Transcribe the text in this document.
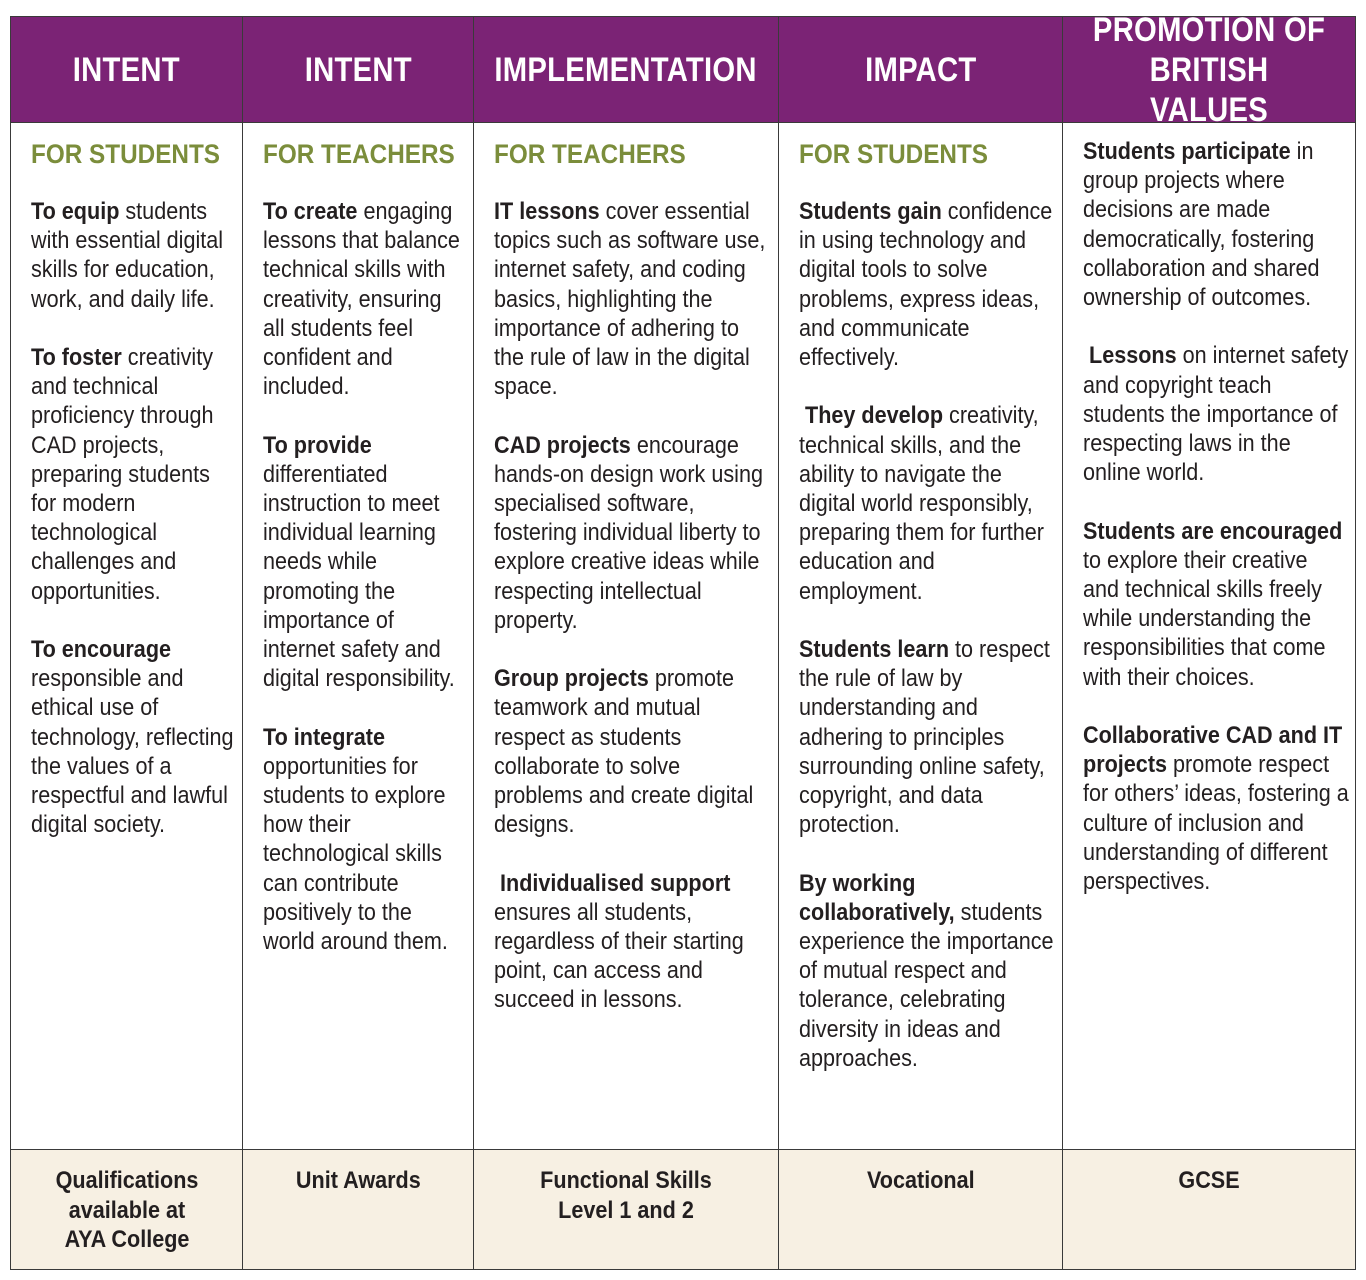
INTENT
FOR STUDENTS
To equip students with essential digital skills for education, work, and daily life.
To foster creativity and technical proficiency through CAD projects, preparing students for modern technological challenges and opportunities.
To encourage responsible and ethical use of technology, reflecting the values of a respectful and lawful digital society.
Qualifications available at AYA College
INTENT
FOR TEACHERS
To create engaging lessons that balance technical skills with creativity, ensuring all students feel confident and included.
To provide differentiated instruction to meet individual learning needs while promoting the importance of internet safety and digital responsibility.
To integrate opportunities for students to explore how their technological skills can contribute positively to the world around them.
Unit Awards
IMPLEMENTATION
FOR TEACHERS
IT lessons cover essential topics such as software use, internet safety, and coding basics, highlighting the importance of adhering to the rule of law in the digital space.
CAD projects encourage hands-on design work using specialised software, fostering individual liberty to explore creative ideas while respecting intellectual property.
Group projects promote teamwork and mutual respect as students collaborate to solve problems and create digital designs.
Individualised support ensures all students, regardless of their starting point, can access and succeed in lessons.
Functional Skills Level 1 and 2
IMPACT
FOR STUDENTS
Students gain confidence in using technology and digital tools to solve problems, express ideas, and communicate effectively.
They develop creativity, technical skills, and the ability to navigate the digital world responsibly, preparing them for further education and employment.
Students learn to respect the rule of law by understanding and adhering to principles surrounding online safety, copyright, and data protection.
By working collaboratively, students experience the importance of mutual respect and tolerance, celebrating diversity in ideas and approaches.
Vocational
PROMOTION OF BRITISH VALUES
Students participate in group projects where decisions are made democratically, fostering collaboration and shared ownership of outcomes.
Lessons on internet safety and copyright teach students the importance of respecting laws in the online world.
Students are encouraged to explore their creative and technical skills freely while understanding the responsibilities that come with their choices.
Collaborative CAD and IT projects promote respect for others’ ideas, fostering a culture of inclusion and understanding of different perspectives.
GCSE
